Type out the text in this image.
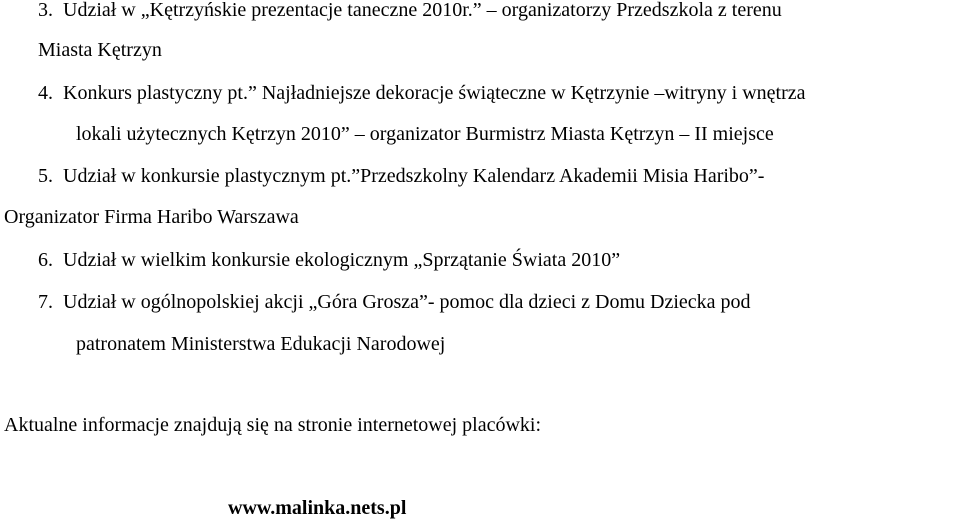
3. Udział w „Kętrzyńskie prezentacje taneczne 2010r.” – organizatorzy Przedszkola z terenu
Miasta Kętrzyn
4. Konkurs plastyczny pt.” Najładniejsze dekoracje świąteczne w Kętrzynie –witryny i wnętrza
lokali użytecznych Kętrzyn 2010” – organizator Burmistrz Miasta Kętrzyn – II miejsce
5. Udział w konkursie plastycznym pt.”Przedszkolny Kalendarz Akademii Misia Haribo”-
Organizator Firma Haribo Warszawa
6. Udział w wielkim konkursie ekologicznym „Sprzątanie Świata 2010”
7. Udział w ogólnopolskiej akcji „Góra Grosza”- pomoc dla dzieci z Domu Dziecka pod
patronatem Ministerstwa Edukacji Narodowej
Aktualne informacje znajdują się na stronie internetowej placówki:
www.malinka.nets.pl
